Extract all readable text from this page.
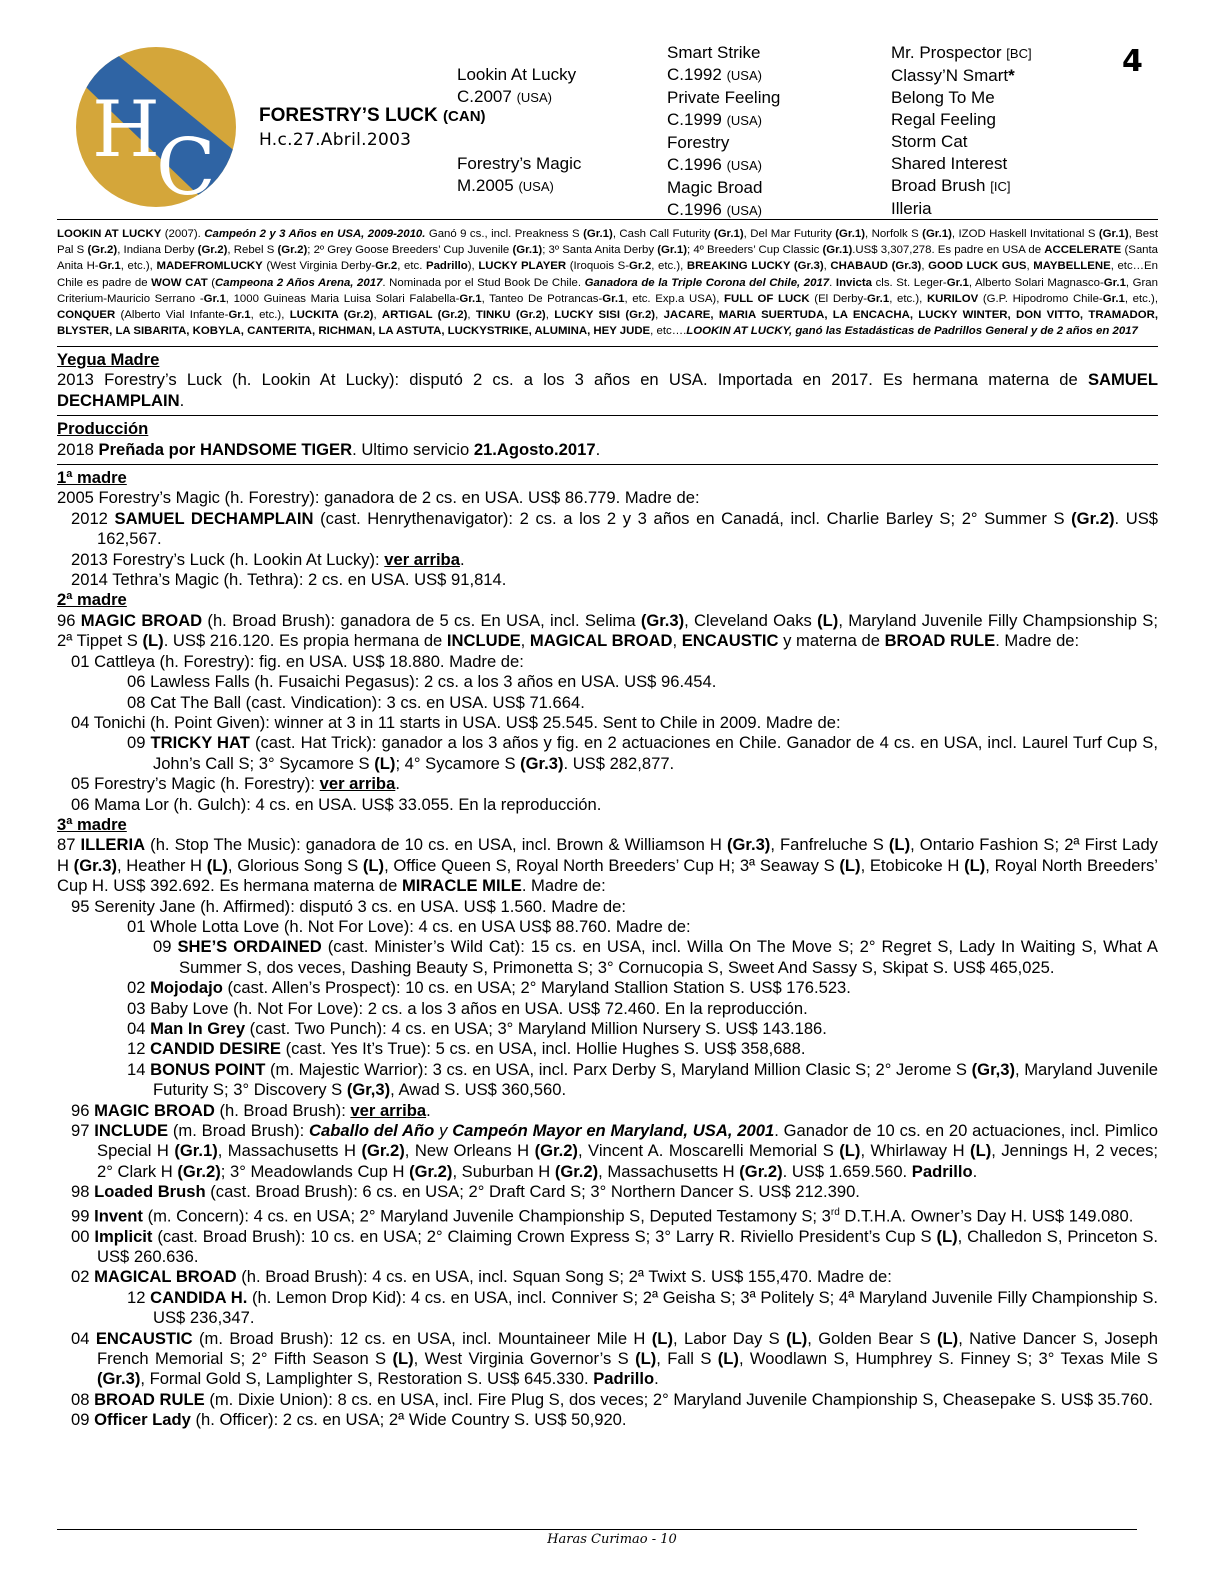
H
C
4
FORESTRY’S LUCK (CAN)
H.c.27.Abril.2003
Lookin At Lucky
C.2007 (USA)
Forestry’s Magic
M.2005 (USA)
Smart Strike
C.1992 (USA)
Private Feeling
C.1999 (USA)
Forestry
C.1996 (USA)
Magic Broad
C.1996 (USA)
Mr. Prospector [BC]
Classy’N Smart*
Belong To Me
Regal Feeling
Storm Cat
Shared Interest
Broad Brush [IC]
Illeria
LOOKIN AT LUCKY (2007). Campeón 2 y 3 Años en USA, 2009-2010. Ganó 9 cs., incl. Preakness S (Gr.1), Cash Call Futurity (Gr.1), Del Mar Futurity (Gr.1), Norfolk S (Gr.1), IZOD Haskell Invitational S (Gr.1), Best Pal S (Gr.2), Indiana Derby (Gr.2), Rebel S (Gr.2); 2º Grey Goose Breeders’ Cup Juvenile (Gr.1); 3º Santa Anita Derby (Gr.1); 4º Breeders’ Cup Classic (Gr.1).US$ 3,307,278. Es padre en USA de ACCELERATE (Santa Anita H-Gr.1, etc.), MADEFROMLUCKY (West Virginia Derby-Gr.2, etc. Padrillo), LUCKY PLAYER (Iroquois S-Gr.2, etc.), BREAKING LUCKY (Gr.3), CHABAUD (Gr.3), GOOD LUCK GUS, MAYBELLENE, etc…En Chile es padre de WOW CAT (Campeona 2 Años Arena, 2017. Nominada por el Stud Book De Chile. Ganadora de la Triple Corona del Chile, 2017. Invicta cls. St. Leger-Gr.1, Alberto Solari Magnasco-Gr.1, Gran Criterium-Mauricio Serrano -Gr.1, 1000 Guineas Maria Luisa Solari Falabella-Gr.1, Tanteo De Potrancas-Gr.1, etc. Exp.a USA), FULL OF LUCK (El Derby-Gr.1, etc.), KURILOV (G.P. Hipodromo Chile-Gr.1, etc.), CONQUER (Alberto Vial Infante-Gr.1, etc.), LUCKITA (Gr.2), ARTIGAL (Gr.2), TINKU (Gr.2), LUCKY SISI (Gr.2), JACARE, MARIA SUERTUDA, LA ENCACHA, LUCKY WINTER, DON VITTO, TRAMADOR, BLYSTER, LA SIBARITA, KOBYLA, CANTERITA, RICHMAN, LA ASTUTA, LUCKYSTRIKE, ALUMINA, HEY JUDE, etc….LOOKIN AT LUCKY, ganó las Estadásticas de Padrillos General y de 2 años en 2017
Yegua Madre
2013 Forestry’s Luck (h. Lookin At Lucky): disputó 2 cs. a los 3 años en USA. Importada en 2017. Es hermana materna de SAMUEL DECHAMPLAIN.
Producción
2018 Preñada por HANDSOME TIGER. Ultimo servicio 21.Agosto.2017.
1ª madre
2005 Forestry’s Magic (h. Forestry): ganadora de 2 cs. en USA. US$ 86.779. Madre de:
2012 SAMUEL DECHAMPLAIN (cast. Henrythenavigator): 2 cs. a los 2 y 3 años en Canadá, incl. Charlie Barley S; 2° Summer S (Gr.2). US$ 162,567.
2013 Forestry’s Luck (h. Lookin At Lucky): ver arriba.
2014 Tethra’s Magic (h. Tethra): 2 cs. en USA. US$ 91,814.
2ª madre
96 MAGIC BROAD (h. Broad Brush): ganadora de 5 cs. En USA, incl. Selima (Gr.3), Cleveland Oaks (L), Maryland Juvenile Filly Champsionship S; 2ª Tippet S (L). US$ 216.120. Es propia hermana de INCLUDE, MAGICAL BROAD, ENCAUSTIC y materna de BROAD RULE. Madre de:
01 Cattleya (h. Forestry): fig. en USA. US$ 18.880. Madre de:
06 Lawless Falls (h. Fusaichi Pegasus): 2 cs. a los 3 años en USA. US$ 96.454.
08 Cat The Ball (cast. Vindication): 3 cs. en USA. US$ 71.664.
04 Tonichi (h. Point Given): winner at 3 in 11 starts in USA. US$ 25.545. Sent to Chile in 2009. Madre de:
09 TRICKY HAT (cast. Hat Trick): ganador a los 3 años y fig. en 2 actuaciones en Chile. Ganador de 4 cs. en USA, incl. Laurel Turf Cup S, John’s Call S; 3° Sycamore S (L); 4° Sycamore S (Gr.3). US$ 282,877.
05 Forestry’s Magic (h. Forestry): ver arriba.
06 Mama Lor (h. Gulch): 4 cs. en USA. US$ 33.055. En la reproducción.
3ª madre
87 ILLERIA (h. Stop The Music): ganadora de 10 cs. en USA, incl. Brown & Williamson H (Gr.3), Fanfreluche S (L), Ontario Fashion S; 2ª First Lady H (Gr.3), Heather H (L), Glorious Song S (L), Office Queen S, Royal North Breeders’ Cup H; 3ª Seaway S (L), Etobicoke H (L), Royal North Breeders’ Cup H. US$ 392.692. Es hermana materna de MIRACLE MILE. Madre de:
95 Serenity Jane (h. Affirmed): disputó 3 cs. en USA. US$ 1.560. Madre de:
01 Whole Lotta Love (h. Not For Love): 4 cs. en USA US$ 88.760. Madre de:
09 SHE’S ORDAINED (cast. Minister’s Wild Cat): 15 cs. en USA, incl. Willa On The Move S; 2° Regret S, Lady In Waiting S, What A Summer S, dos veces, Dashing Beauty S, Primonetta S; 3° Cornucopia S, Sweet And Sassy S, Skipat S. US$ 465,025.
02 Mojodajo (cast. Allen’s Prospect): 10 cs. en USA; 2° Maryland Stallion Station S. US$ 176.523.
03 Baby Love (h. Not For Love): 2 cs. a los 3 años en USA. US$ 72.460. En la reproducción.
04 Man In Grey (cast. Two Punch): 4 cs. en USA; 3° Maryland Million Nursery S. US$ 143.186.
12 CANDID DESIRE (cast. Yes It’s True): 5 cs. en USA, incl. Hollie Hughes S. US$ 358,688.
14 BONUS POINT (m. Majestic Warrior): 3 cs. en USA, incl. Parx Derby S, Maryland Million Clasic S; 2° Jerome S (Gr,3), Maryland Juvenile Futurity S; 3° Discovery S (Gr,3), Awad S. US$ 360,560.
96 MAGIC BROAD (h. Broad Brush): ver arriba.
97 INCLUDE (m. Broad Brush): Caballo del Año y Campeón Mayor en Maryland, USA, 2001. Ganador de 10 cs. en 20 actuaciones, incl. Pimlico Special H (Gr.1), Massachusetts H (Gr.2), New Orleans H (Gr.2), Vincent A. Moscarelli Memorial S (L), Whirlaway H (L), Jennings H, 2 veces; 2° Clark H (Gr.2); 3° Meadowlands Cup H (Gr.2), Suburban H (Gr.2), Massachusetts H (Gr.2). US$ 1.659.560. Padrillo.
98 Loaded Brush (cast. Broad Brush): 6 cs. en USA; 2° Draft Card S; 3° Northern Dancer S. US$ 212.390.
99 Invent (m. Concern): 4 cs. en USA; 2° Maryland Juvenile Championship S, Deputed Testamony S; 3rd D.T.H.A. Owner’s Day H. US$ 149.080.
00 Implicit (cast. Broad Brush): 10 cs. en USA; 2° Claiming Crown Express S; 3° Larry R. Riviello President’s Cup S (L), Challedon S, Princeton S. US$ 260.636.
02 MAGICAL BROAD (h. Broad Brush): 4 cs. en USA, incl. Squan Song S; 2ª Twixt S. US$ 155,470. Madre de:
12 CANDIDA H. (h. Lemon Drop Kid): 4 cs. en USA, incl. Conniver S; 2ª Geisha S; 3ª Politely S; 4ª Maryland Juvenile Filly Championship S. US$ 236,347.
04 ENCAUSTIC (m. Broad Brush): 12 cs. en USA, incl. Mountaineer Mile H (L), Labor Day S (L), Golden Bear S (L), Native Dancer S, Joseph French Memorial S; 2° Fifth Season S (L), West Virginia Governor’s S (L), Fall S (L), Woodlawn S, Humphrey S. Finney S; 3° Texas Mile S (Gr.3), Formal Gold S, Lamplighter S, Restoration S. US$ 645.330. Padrillo.
08 BROAD RULE (m. Dixie Union): 8 cs. en USA, incl. Fire Plug S, dos veces; 2° Maryland Juvenile Championship S, Cheasepake S. US$ 35.760.
09 Officer Lady (h. Officer): 2 cs. en USA; 2ª Wide Country S. US$ 50,920.
Haras Curimao - 10
